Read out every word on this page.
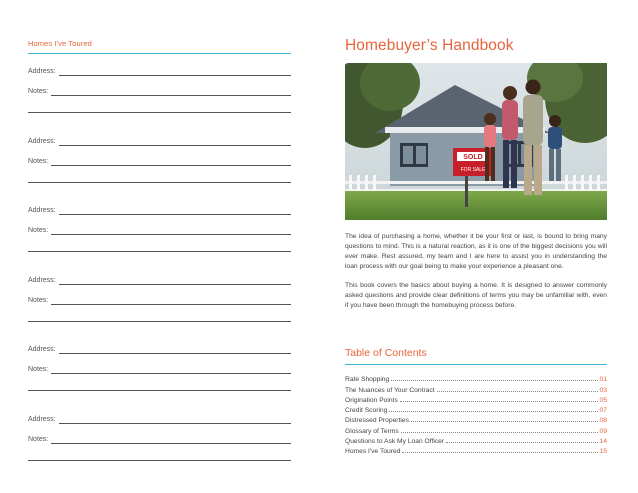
Homes I've Toured
Address:
Notes:
Address:
Notes:
Address:
Notes:
Address:
Notes:
Address:
Notes:
Address:
Notes:
Homebuyer’s Handbook
SOLD
FOR SALE

The idea of purchasing a home, whether it be your first or last, is bound to bring many questions to mind. This is a natural reaction, as it is one of the biggest decisions you will ever make. Rest assured, my team and I are here to assist you in understanding the loan process with our goal being to make your experience a pleasant one.

This book covers the basics about buying a home. It is designed to answer commonly asked questions and provide clear definitions of terms you may be unfamiliar with, even if you have been through the homebuying process before.

Table of Contents
Rate Shopping	01
The Nuances of Your Contract	03
Origination Points	05
Credit Scoring	07
Distressed Properties	08
Glossary of Terms	09
Questions to Ask My Loan Officer	14
Homes I've Toured	15
